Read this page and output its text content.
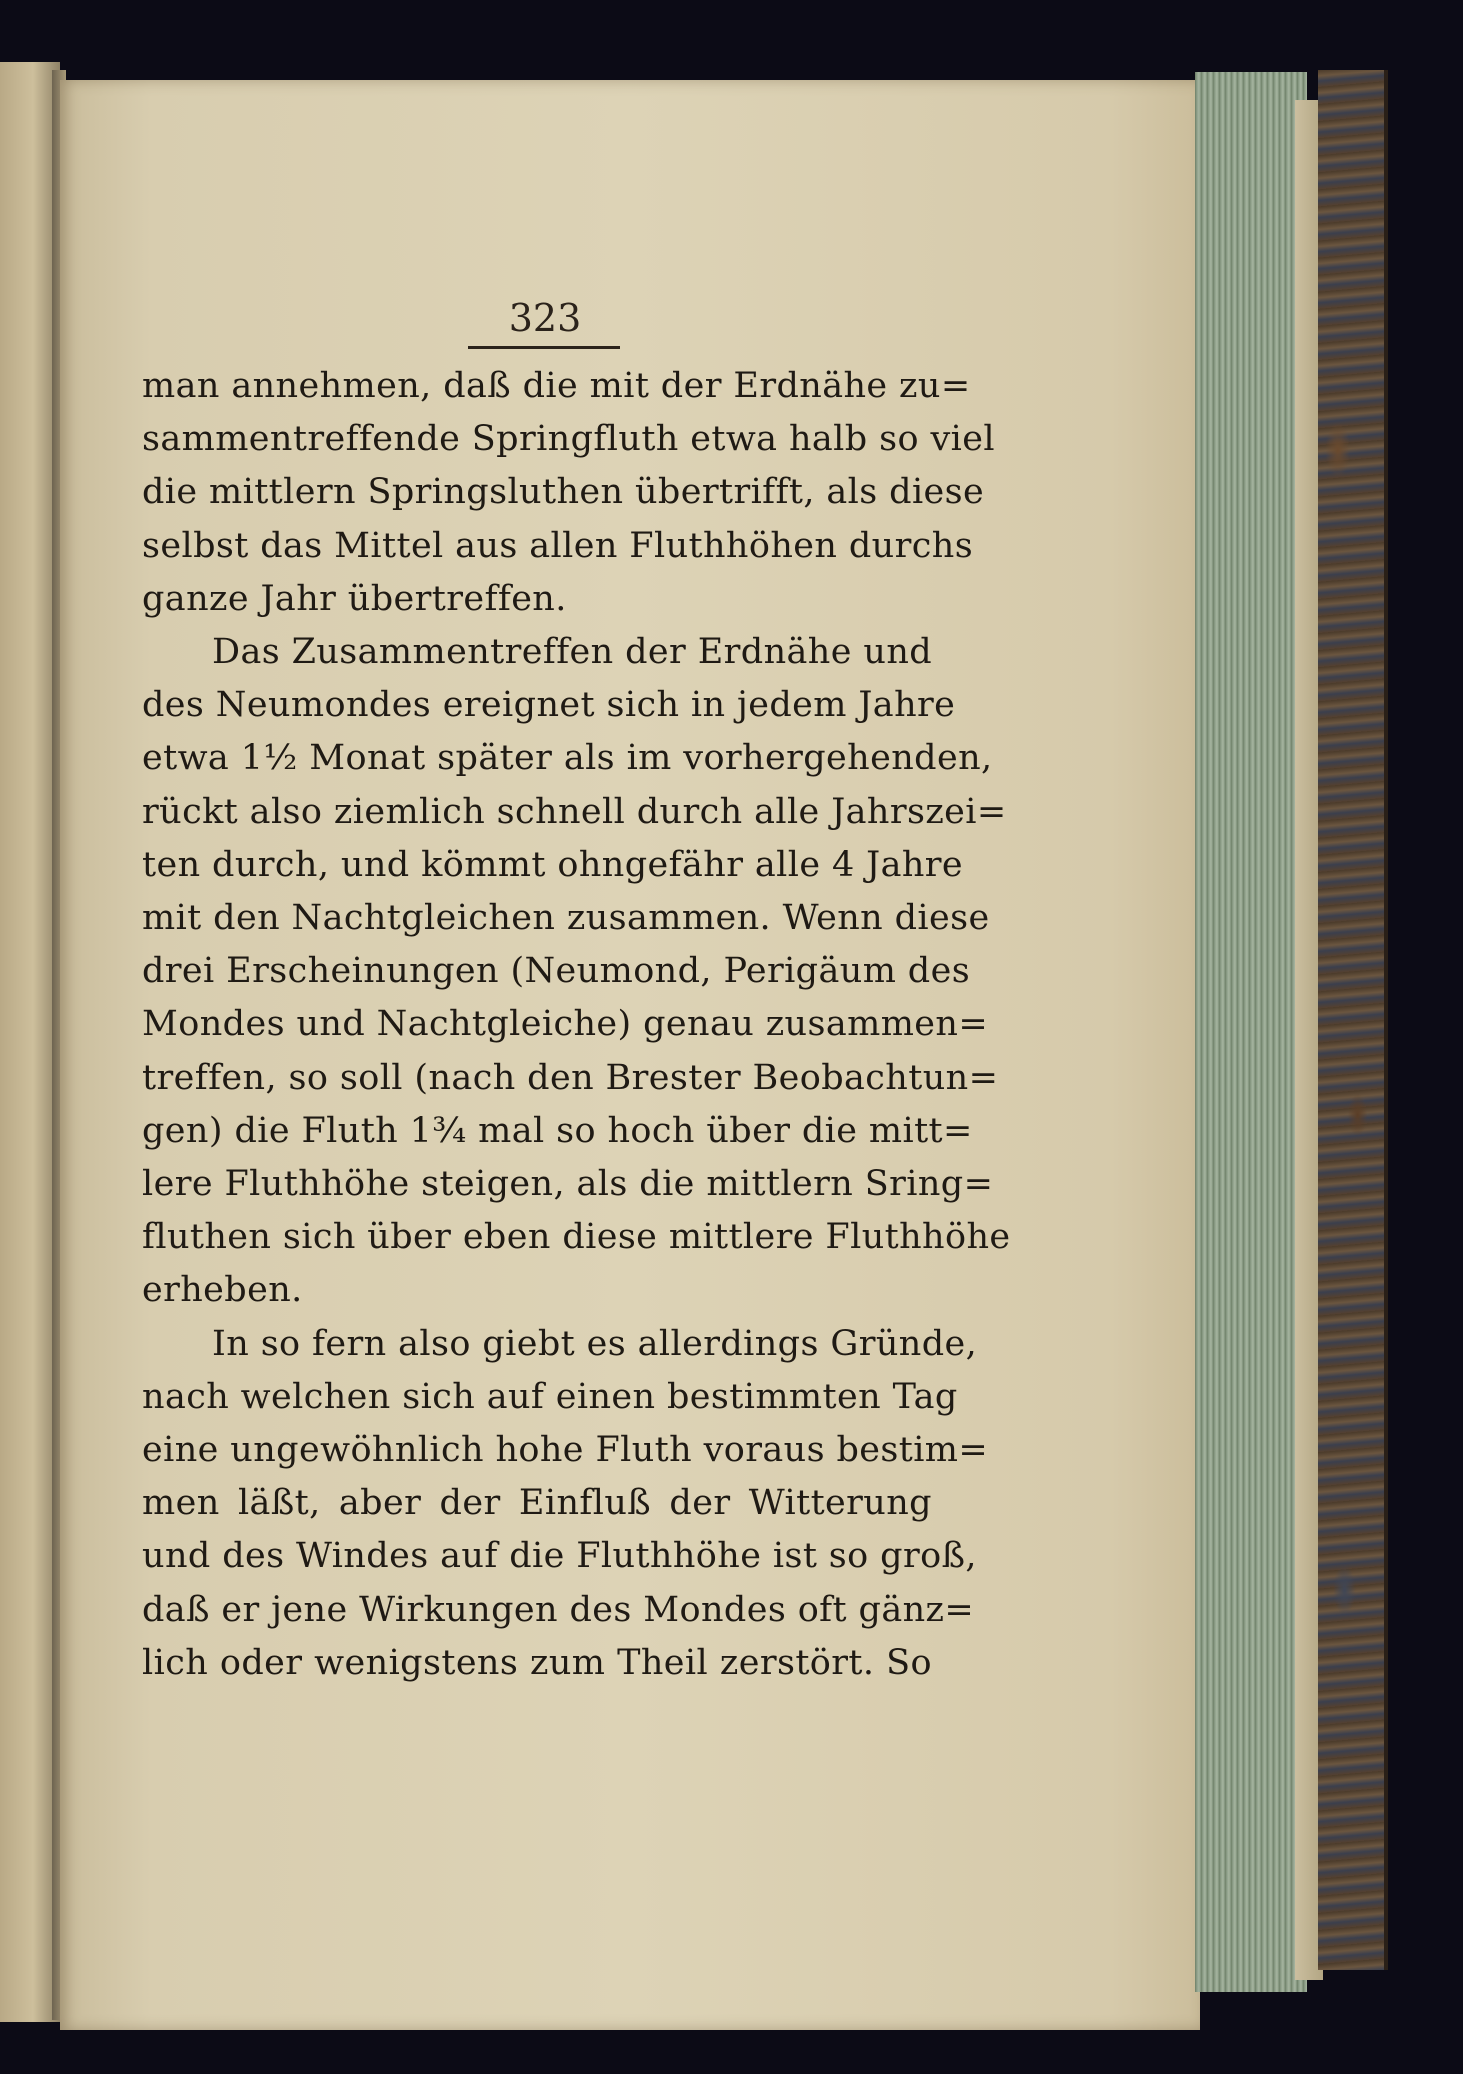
323
man annehmen, daß die mit der Erdnähe zu=
sammentreffende Springfluth etwa halb so viel
die mittlern Springsluthen übertrifft, als diese
selbst das Mittel aus allen Fluthhöhen durchs
ganze Jahr übertreffen.
Das Zusammentreffen der Erdnähe und
des Neumondes ereignet sich in jedem Jahre
etwa 1½ Monat später als im vorhergehenden,
rückt also ziemlich schnell durch alle Jahrszei=
ten durch, und kömmt ohngefähr alle 4 Jahre
mit den Nachtgleichen zusammen. Wenn diese
drei Erscheinungen (Neumond, Perigäum des
Mondes und Nachtgleiche) genau zusammen=
treffen, so soll (nach den Brester Beobachtun=
gen) die Fluth 1¾ mal so hoch über die mitt=
lere Fluthhöhe steigen, als die mittlern Sring=
fluthen sich über eben diese mittlere Fluthhöhe
erheben.
In so fern also giebt es allerdings Gründe,
nach welchen sich auf einen bestimmten Tag
eine ungewöhnlich hohe Fluth voraus bestim=
men läßt, aber der Einfluß der Witterung
und des Windes auf die Fluthhöhe ist so groß,
daß er jene Wirkungen des Mondes oft gänz=
lich oder wenigstens zum Theil zerstört. So
